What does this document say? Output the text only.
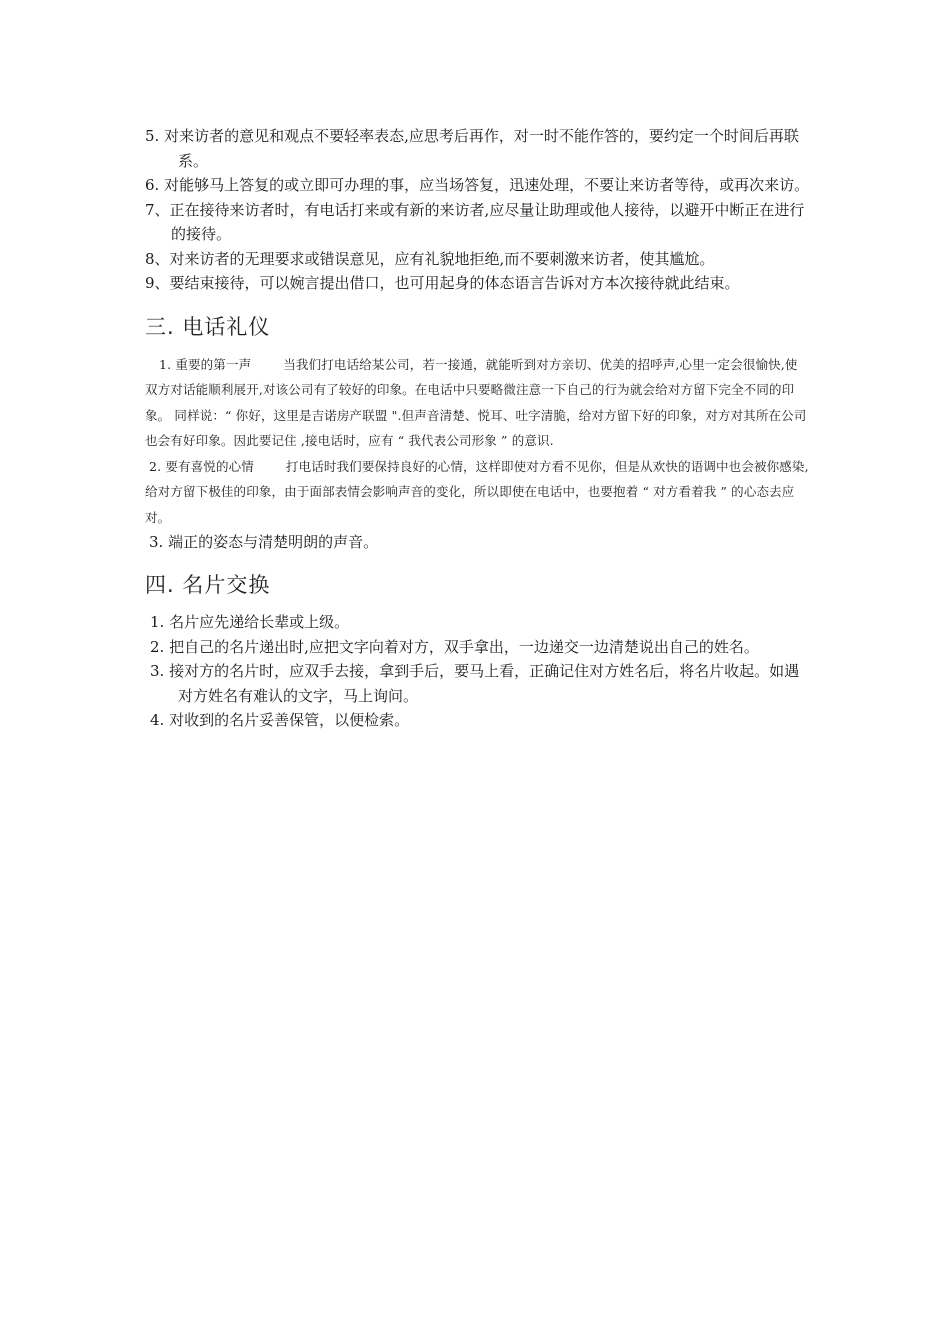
5. 对来访者的意见和观点不要轻率表态,应思考后再作，对一时不能作答的，要约定一个时间后再联系。
6. 对能够马上答复的或立即可办理的事，应当场答复，迅速处理，不要让来访者等待，或再次来访。
7、正在接待来访者时，有电话打来或有新的来访者,应尽量让助理或他人接待，以避开中断正在进行的接待。
8、对来访者的无理要求或错误意见，应有礼貌地拒绝,而不要刺激来访者，使其尴尬。
9、要结束接待，可以婉言提出借口，也可用起身的体态语言告诉对方本次接待就此结束。
三. 电话礼仪

1. 重要的第一声	当我们打电话给某公司，若一接通，就能听到对方亲切、优美的招呼声,心里一定会很愉快,使双方对话能顺利展开,对该公司有了较好的印象。在电话中只要略微注意一下自己的行为就会给对方留下完全不同的印象。 同样说：“ 你好，这里是吉诺房产联盟 ".但声音清楚、悦耳、吐字清脆，给对方留下好的印象，对方对其所在公司也会有好印象。因此要记住 ,接电话时，应有 “ 我代表公司形象 ” 的意识.

2. 要有喜悦的心情	打电话时我们要保持良好的心情，这样即使对方看不见你，但是从欢快的语调中也会被你感染,给对方留下极佳的印象，由于面部表情会影响声音的变化，所以即使在电话中，也要抱着 “ 对方看着我 ” 的心态去应对。

3. 端正的姿态与清楚明朗的声音。
四. 名片交换
1. 名片应先递给长辈或上级。
2. 把自己的名片递出时,应把文字向着对方，双手拿出，一边递交一边清楚说出自己的姓名。
3. 接对方的名片时，应双手去接，拿到手后，要马上看，正确记住对方姓名后，将名片收起。如遇对方姓名有难认的文字，马上询问。
4. 对收到的名片妥善保管，以便检索。
